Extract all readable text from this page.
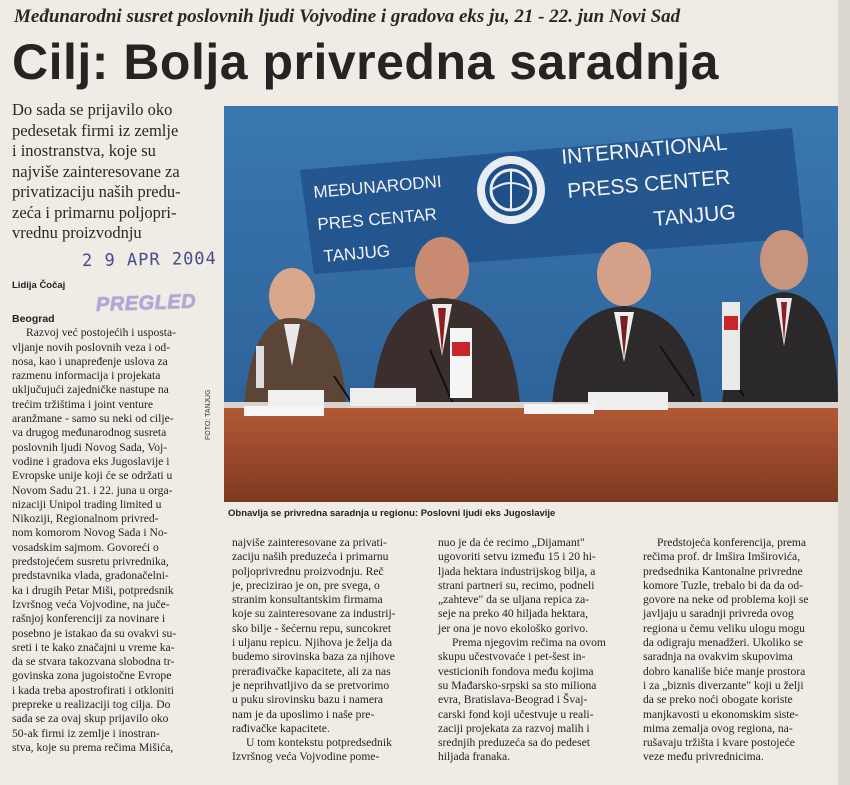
Međunarodni susret poslovnih ljudi Vojvodine i gradova eks ju, 21 - 22. jun Novi Sad
Cilj: Bolja privredna saradnja
Do sada se prijavilo oko
pedesetak firmi iz zemlje
i inostranstva, koje su
najviše zainteresovane za
privatizaciju naših predu-
zeća i primarnu poljopri-
vrednu proizvodnju
2 9 APR 2004
Lidija Čočaj
PREGLED
Beograd
Razvoj već postojećih i uspostа-
vljanje novih poslovnih veza i od-
nosa, kao i unapređenje uslova za
razmenu informacija i projekata
uključujući zajedničke nastupe na
trećim tržištima i joint venture
aranžmane - samo su neki od cilje-
va drugog međunarodnog susreta
poslovnih ljudi Novog Sada, Voj-
vodine i gradova eks Jugoslavije i
Evropske unije koji će se održati u
Novom Sadu 21. i 22. juna u orga-
nizaciji Unipol trading limited u
Nikoziji, Regionalnom privred-
nom komorom Novog Sada i No-
vosadskim sajmom. Govoreći o
predstojećem susretu privrednika,
predstavnika vlada, gradonačelni-
ka i drugih Petar Miši, potpredsnik
Izvršnog veća Vojvodine, na juče-
rašnjoj konferenciji za novinare i
posebno je istakao da su ovakvi su-
sreti i te kako značajni u vreme ka-
da se stvara takozvana slobodna tr-
govinska zona jugoistočne Evrope
i kada treba apostrofirati i otkloniti
prepreke u realizaciji tog cilja. Do
sada se za ovaj skup prijavilo oko
50-ak firmi iz zemlje i inostran-
stva, koje su prema rečima Mišića,
MEĐUNARODNI
PRES CENTAR
TANJUG
INTERNATIONAL
PRESS CENTER
TANJUG
FOTO: TANJUG
Obnavlja se privredna saradnja u regionu: Poslovni ljudi eks Jugoslavije
najviše zainteresovane za privati-
zaciju naših preduzeća i primarnu
poljoprivrednu proizvodnju. Reč
je, precizirao je on, pre svega, o
stranim konsultantskim firmama
koje su zainteresovane za industrij-
sko bilje - šećernu repu, suncokret
i uljanu repicu. Njihova je želja da
budemo sirovinska baza za njihove
prerađivačke kapacitete, ali za nas
je neprihvatljivo da se pretvorimo
u puku sirovinsku bazu i namera
nam je da uposlimo i naše pre-
rađivačke kapacitete.
U tom kontekstu potpredsednik
Izvršnog veća Vojvodine pome-
nuo je da će recimo „Dijamant"
ugovoriti setvu između 15 i 20 hi-
ljada hektara industrijskog bilja, a
strani partneri su, recimo, podneli
„zahteve" da se uljana repica za-
seje na preko 40 hiljada hektara,
jer ona je novo ekološko gorivo.
Prema njegovim rečima na ovom
skupu učestvovaće i pet-šest in-
vesticionih fondova među kojima
su Mađarsko-srpski sa sto miliona
evra, Bratislava-Beograd i Švaj-
carski fond koji učestvuje u reali-
zaciji projekata za razvoj malih i
srednjih preduzeća sa do pedeset
hiljada franaka.
Predstojeća konferencija, prema
rečima prof. dr Imšira Imširovića,
predsednika Kantonalne privredne
komore Tuzle, trebalo bi da da od-
govore na neke od problema koji se
javljaju u saradnji privreda ovog
regiona u čemu veliku ulogu mogu
da odigraju menadžeri. Ukoliko se
saradnja na ovakvim skupovima
dobro kanališe biće manje prostora
i za „biznis diverzante" koji u želji
da se preko noći obogate koriste
manjkavosti u ekonomskim siste-
mima zemalja ovog regiona, na-
rušavaju tržišta i kvare postojeće
veze među privrednicima.
